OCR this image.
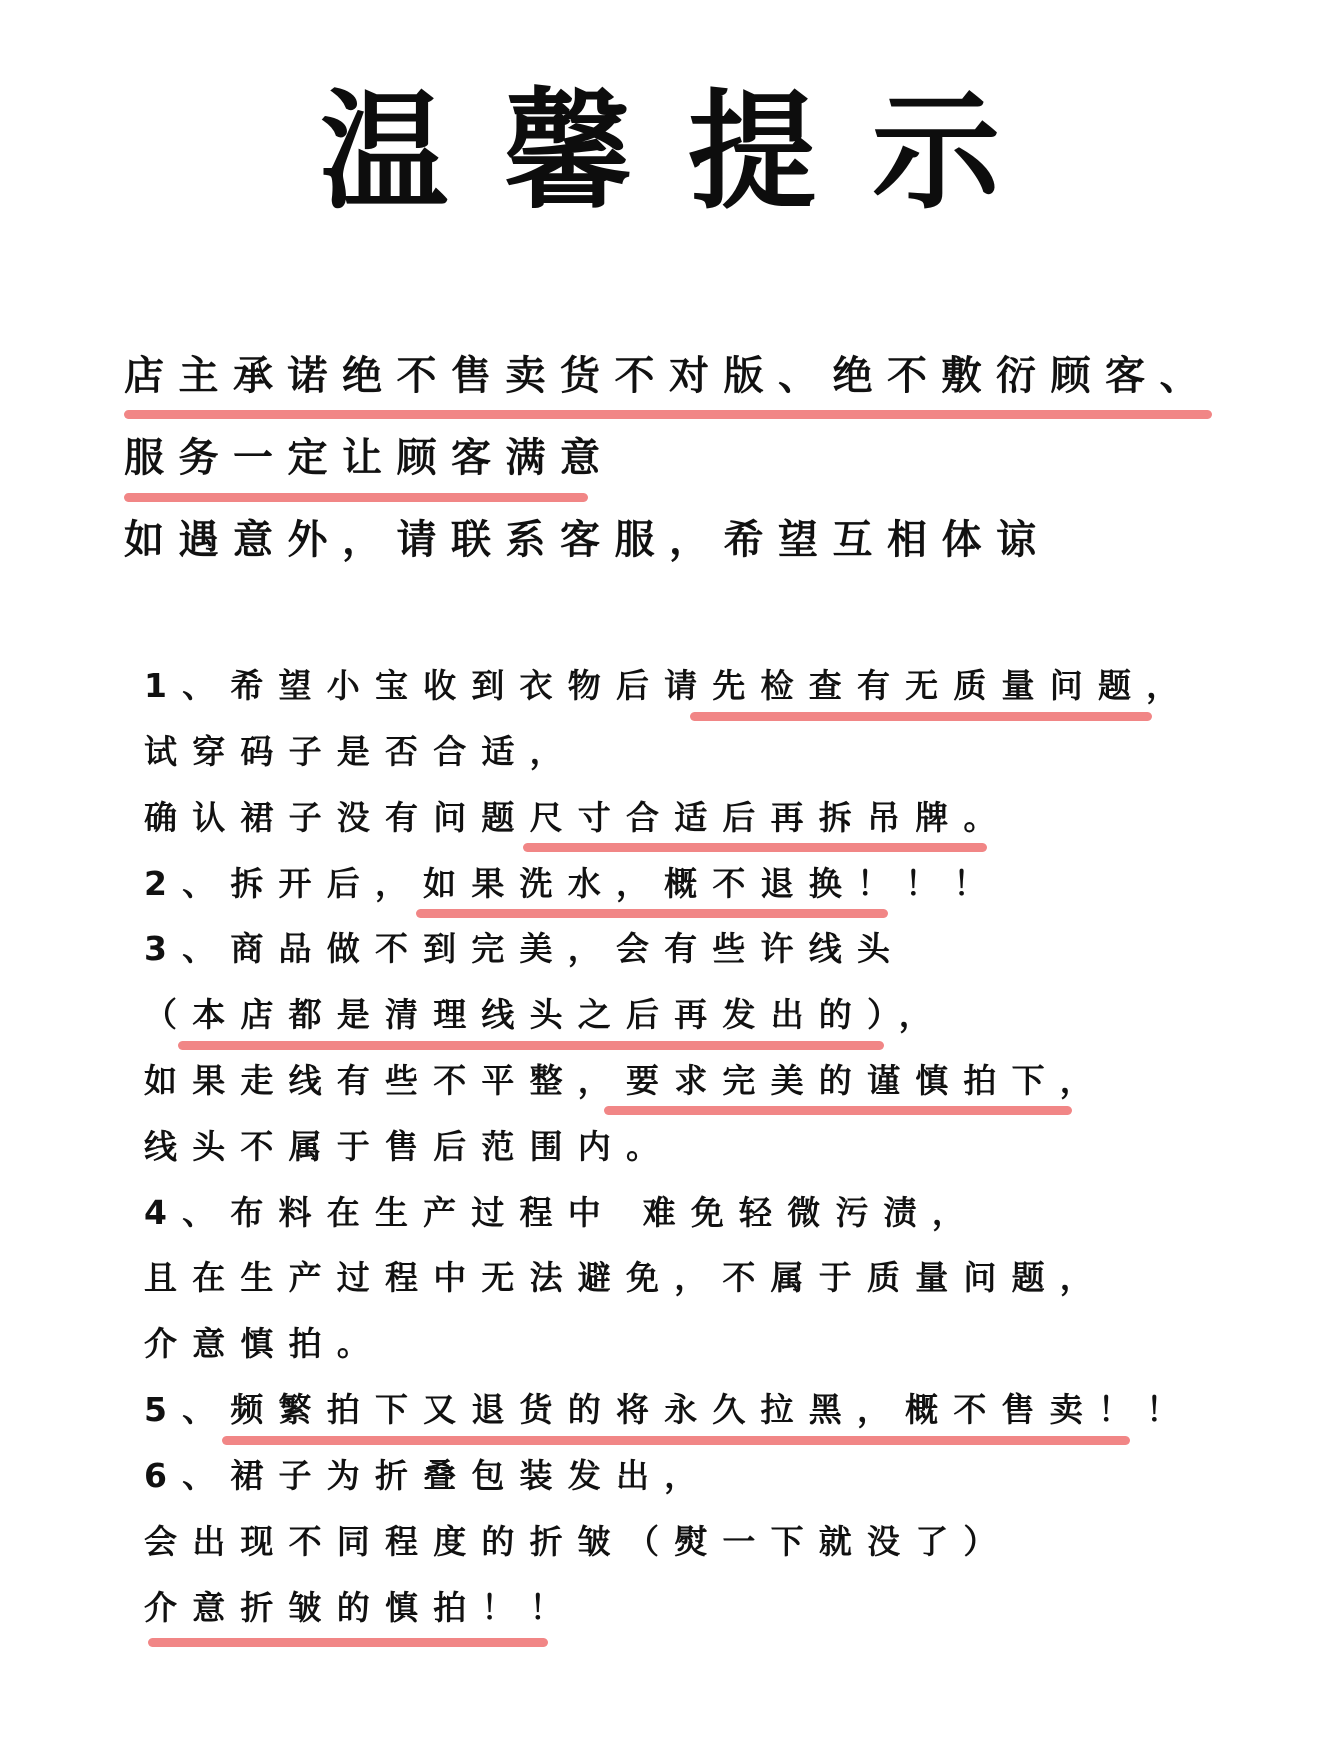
温馨提示
店主承诺绝不售卖货不对版、绝不敷衍顾客、
服务一定让顾客满意
如遇意外，请联系客服，希望互相体谅
1、希望小宝收到衣物后请先检查有无质量问题，
试穿码子是否合适，
确认裙子没有问题尺寸合适后再拆吊牌。
2、拆开后，如果洗水，概不退换！！！
3、商品做不到完美，会有些许线头
（本店都是清理线头之后再发出的），
如果走线有些不平整，要求完美的谨慎拍下，
线头不属于售后范围内。
4、布料在生产过程中 难免轻微污渍，
且在生产过程中无法避免，不属于质量问题，
介意慎拍。
5、频繁拍下又退货的将永久拉黑，概不售卖！！
6、裙子为折叠包装发出，
会出现不同程度的折皱（熨一下就没了）
介意折皱的慎拍！！
